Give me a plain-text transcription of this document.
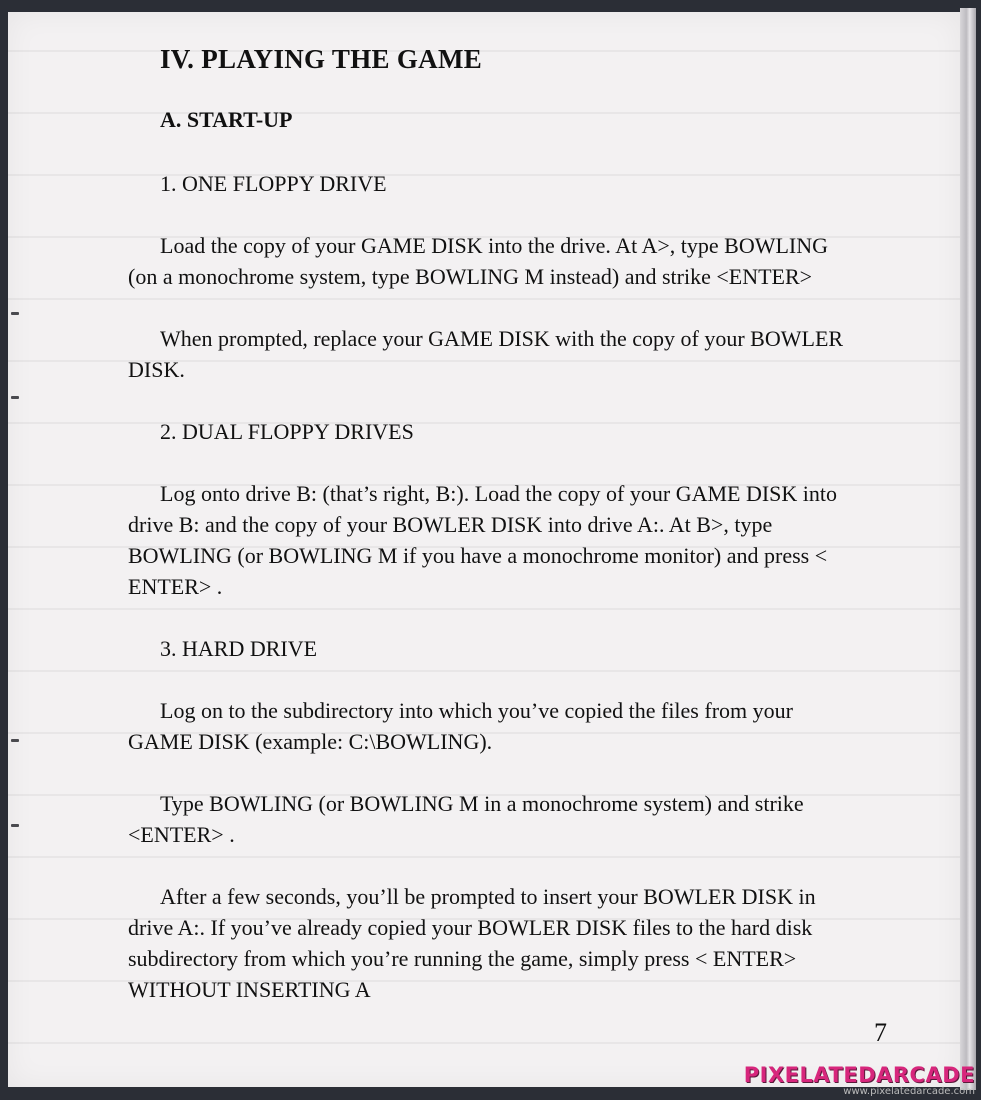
IV. PLAYING THE GAME
A. START-UP
1. ONE FLOPPY DRIVE

Load the copy of your GAME DISK into the drive. At A>, type BOWLING (on a monochrome system, type BOWLING M instead) and strike <ENTER>

When prompted, replace your GAME DISK with the copy of your BOWLER DISK.

2. DUAL FLOPPY DRIVES

Log onto drive B: (that’s right, B:). Load the copy of your GAME DISK into drive B: and the copy of your BOWLER DISK into drive A:. At B>, type BOWLING (or BOWLING M if you have a monochrome monitor) and press < ENTER> .

3. HARD DRIVE

Log on to the subdirectory into which you’ve copied the files from your GAME DISK (example: C:\BOWLING).

Type BOWLING (or BOWLING M in a monochrome system) and strike <ENTER> .

After a few seconds, you’ll be prompted to insert your BOWLER DISK in drive A:. If you’ve already copied your BOWLER DISK files to the hard disk subdirectory from which you’re running the game, simply press < ENTER> WITHOUT INSERTING A

7
PIXELATEDARCADE
www.pixelatedarcade.com
